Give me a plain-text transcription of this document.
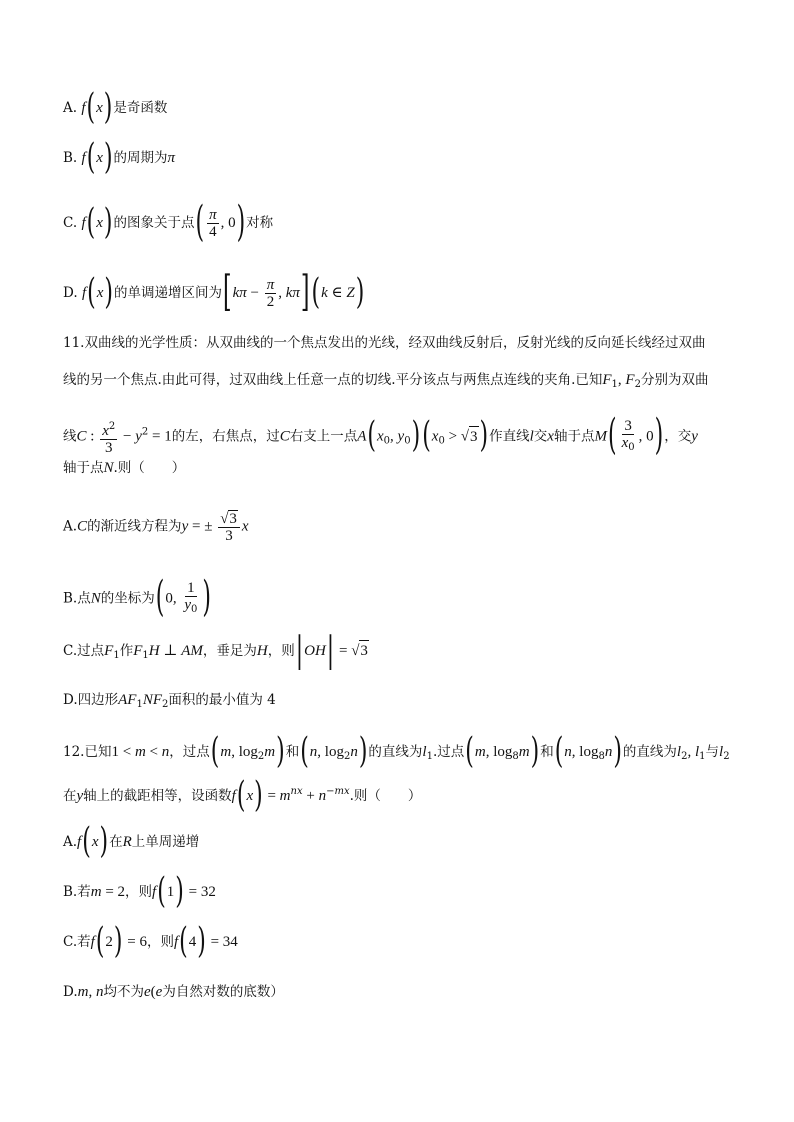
A. f(x)是奇函数
B. f(x)的周期为π
C. f(x)的图象关于点( $\frac{\pi}{4}$ , 0)对称
D. f(x)的单调递增区间为[$k\pi - \frac{\pi}{2}$ , kπ](k ∈ Z)
11.双曲线的光学性质：从双曲线的一个焦点发出的光线，经双曲线反射后，反射光线的反向延长线经过双曲
线的另一个焦点.由此可得，过双曲线上任意一点的切线.平分该点与两焦点连线的夹角.已知$F_1$, $F_2$分别为双曲
线C : $\frac{x^2}{3} - y^2 = 1$的左，右焦点，过C右支上一点$A(x_0$, $y_0)(x_0 > √3)$作直线l交x轴于点$M( \frac{3}{x_0}$ , 0)，交y
轴于点N.则（　　）
A.C的渐近线方程为y = ± $\frac{√3}{3}$ x
B.点N的坐标为(0, $\frac{1}{y_0}$ )
C.过点$F_1$作$F_1H$ ⊥ AM，垂足为H，则|OH| = √3
D.四边形$AF_1NF_2$面积的最小值为 4
12.已知1 < m < n，过点(m, $\log_2m$)和(n, $\log_2n$)的直线为$l_1$.过点(m, $\log_8m$)和(n, $\log_8n$)的直线为$l_2$, $l_1$与$l_2$
在y轴上的截距相等，设函数$f(x) = m^{nx} + n^{-mx}$.则（　　）
A.f(x)在R上单周递增
B.若m = 2，则f(1) = 32
C.若f(2) = 6，则f(4) = 34
D.m, n均不为e(e为自然对数的底数）
